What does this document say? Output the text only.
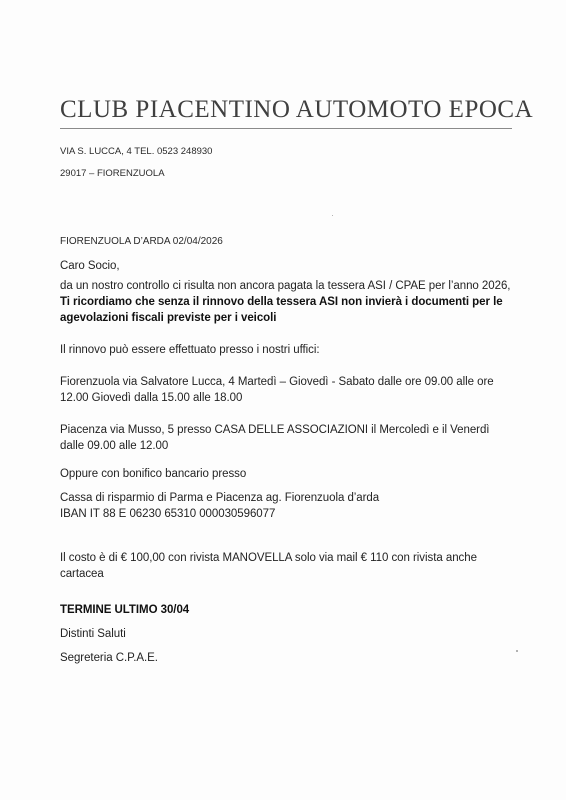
CLUB PIACENTINO AUTOMOTO EPOCA
VIA S. LUCCA, 4 TEL. 0523 248930
29017 – FIORENZUOLA
FIORENZUOLA D’ARDA 02/04/2026
Caro Socio,
da un nostro controllo ci risulta non ancora pagata la tessera ASI / CPAE per l’anno 2026,
Ti ricordiamo che senza il rinnovo della tessera ASI non invierà i documenti per le
agevolazioni fiscali previste per i veicoli
Il rinnovo può essere effettuato presso i nostri uffici:
Fiorenzuola via Salvatore Lucca, 4 Martedì – Giovedì - Sabato dalle ore 09.00 alle ore
12.00 Giovedì dalla 15.00 alle 18.00
Piacenza via Musso, 5 presso CASA DELLE ASSOCIAZIONI il Mercoledì e il Venerdì
dalle 09.00 alle 12.00
Oppure con bonifico bancario presso
Cassa di risparmio di Parma e Piacenza ag. Fiorenzuola d’arda
IBAN IT 88 E 06230 65310 000030596077
Il costo è di € 100,00 con rivista MANOVELLA solo via mail € 110 con rivista anche
cartacea
TERMINE ULTIMO 30/04
Distinti Saluti
Segreteria C.P.A.E.
